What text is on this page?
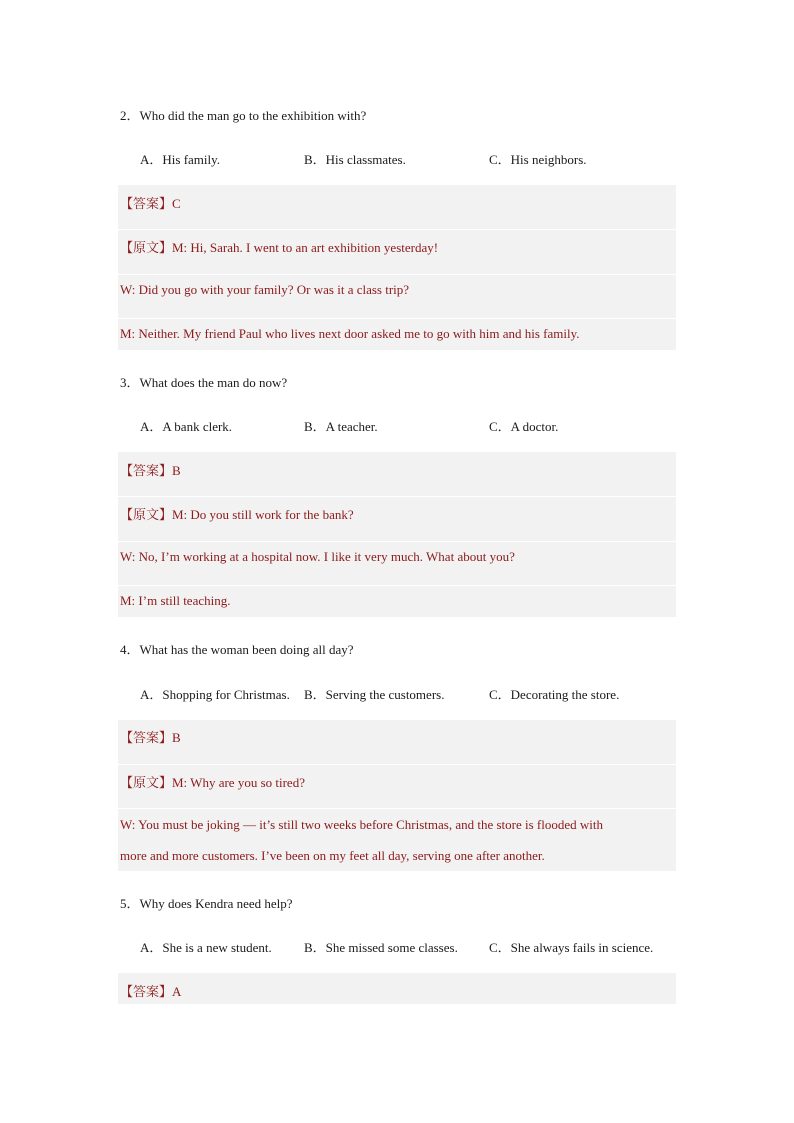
2．Who did the man go to the exhibition with?
A．His family.	B．His classmates.	C．His neighbors.
【答案】C
【原文】M: Hi, Sarah. I went to an art exhibition yesterday!
W: Did you go with your family? Or was it a class trip?
M: Neither. My friend Paul who lives next door asked me to go with him and his family.
3．What does the man do now?
A．A bank clerk.	B．A teacher.	C．A doctor.
【答案】B
【原文】M: Do you still work for the bank?
W: No, I’m working at a hospital now. I like it very much. What about you?
M: I’m still teaching.
4．What has the woman been doing all day?
A．Shopping for Christmas. B．Serving the customers.	C．Decorating the store.
【答案】B
【原文】M: Why are you so tired?
W: You must be joking — it’s still two weeks before Christmas, and the store is flooded with
more and more customers. I’ve been on my feet all day, serving one after another.
5．Why does Kendra need help?
A．She is a new student. B．She missed some classes. C．She always fails in science.
【答案】A
